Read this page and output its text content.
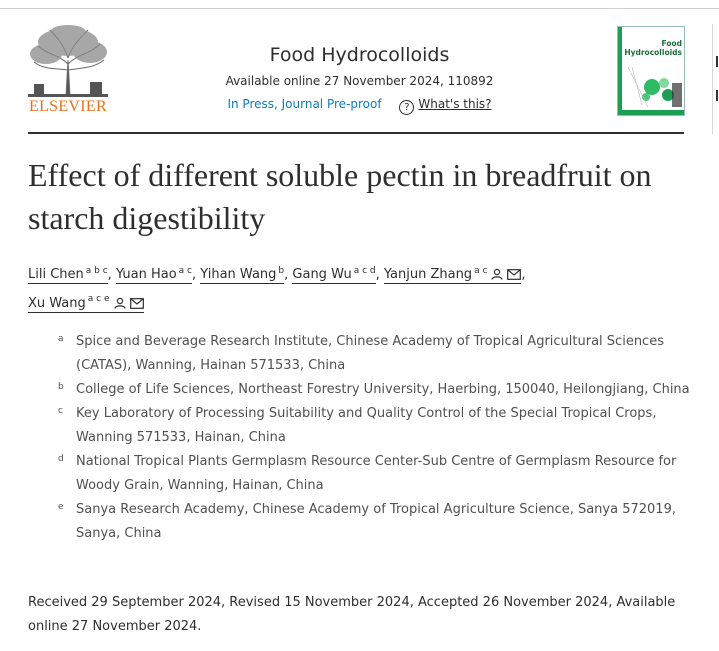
ELSEVIER
Food Hydrocolloids
Available online 27 November 2024, 110892
In Press, Journal Pre-proof ? What's this?
Food
Hydrocolloids
Effect of different soluble pectin in breadfruit on starch digestibility
Lili Chen $^{a b c}$, Yuan Hao $^{a c}$, Yihan Wang $^b$, Gang Wu $^{a c d}$, Yanjun Zhang $^{a c}$	,
Xu Wang $^{a c e}$
a Spice and Beverage Research Institute, Chinese Academy of Tropical Agricultural Sciences (CATAS), Wanning, Hainan 571533, China
b College of Life Sciences, Northeast Forestry University, Haerbing, 150040, Heilongjiang, China
c Key Laboratory of Processing Suitability and Quality Control of the Special Tropical Crops, Wanning 571533, Hainan, China
d National Tropical Plants Germplasm Resource Center-Sub Centre of Germplasm Resource for Woody Grain, Wanning, Hainan, China
e Sanya Research Academy, Chinese Academy of Tropical Agriculture Science, Sanya 572019, Sanya, China
Received 29 September 2024, Revised 15 November 2024, Accepted 26 November 2024, Available online 27 November 2024.
